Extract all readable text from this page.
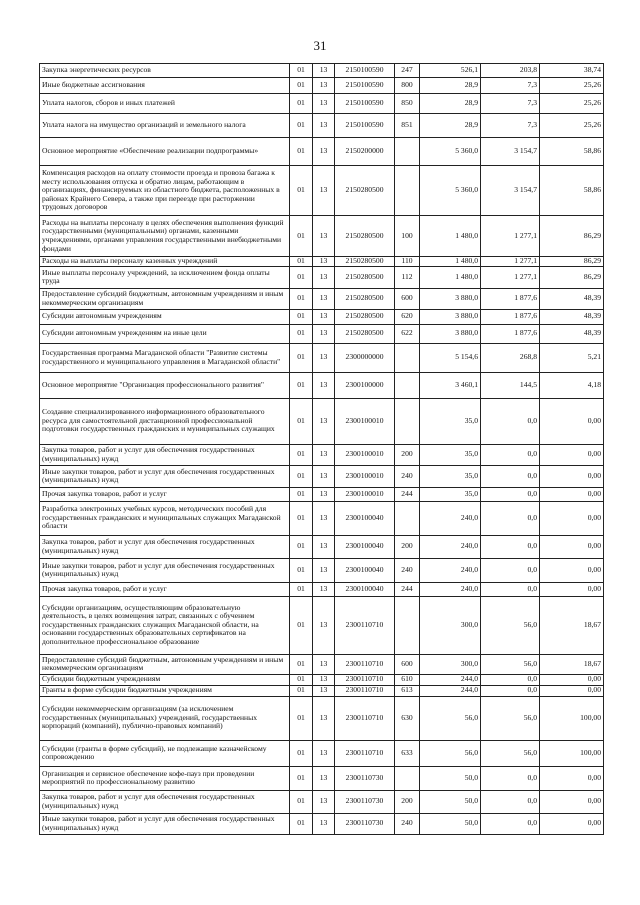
31
Закупка энергетических ресурсов	01	13	2150100590	247	526,1	203,8	38,74
Иные бюджетные ассигнования	01	13	2150100590	800	28,9	7,3	25,26
Уплата налогов, сборов и иных платежей	01	13	2150100590	850	28,9	7,3	25,26
Уплата налога на имущество организаций и земельного налога	01	13	2150100590	851	28,9	7,3	25,26
Основное мероприятие «Обеспечение реализации подпрограммы»	01	13	2150200000		5 360,0	3 154,7	58,86
Компенсация расходов на оплату стоимости проезда и провоза багажа к месту использования отпуска и обратно лицам, работающим в организациях, финансируемых из областного бюджета, расположенных в районах Крайнего Севера, а также при переезде при расторжении трудовых договоров	01	13	2150280500		5 360,0	3 154,7	58,86
Расходы на выплаты персоналу в целях обеспечения выполнения функций государственными (муниципальными) органами, казенными учреждениями, органами управления государственными внебюджетными фондами	01	13	2150280500	100	1 480,0	1 277,1	86,29
Расходы на выплаты персоналу казенных учреждений	01	13	2150280500	110	1 480,0	1 277,1	86,29
Иные выплаты персоналу учреждений, за исключением фонда оплаты труда	01	13	2150280500	112	1 480,0	1 277,1	86,29
Предоставление субсидий бюджетным, автономным учреждениям и иным некоммерческим организациям	01	13	2150280500	600	3 880,0	1 877,6	48,39
Субсидии автономным учреждениям	01	13	2150280500	620	3 880,0	1 877,6	48,39
Субсидии автономным учреждениям на иные цели	01	13	2150280500	622	3 880,0	1 877,6	48,39
Государственная программа Магаданской области "Развитие системы государственного и муниципального управления в Магаданской области"	01	13	2300000000		5 154,6	268,8	5,21
Основное мероприятие "Организация профессионального развития"	01	13	2300100000		3 460,1	144,5	4,18
Создание специализированного информационного образовательного ресурса для самостоятельной дистанционной профессиональной подготовки государственных гражданских и муниципальных служащих	01	13	2300100010		35,0	0,0	0,00
Закупка товаров, работ и услуг для обеспечения государственных (муниципальных) нужд	01	13	2300100010	200	35,0	0,0	0,00
Иные закупки товаров, работ и услуг для обеспечения государственных (муниципальных) нужд	01	13	2300100010	240	35,0	0,0	0,00
Прочая закупка товаров, работ и услуг	01	13	2300100010	244	35,0	0,0	0,00
Разработка электронных учебных курсов, методических пособий для государственных гражданских и муниципальных служащих Магаданской области	01	13	2300100040		240,0	0,0	0,00
Закупка товаров, работ и услуг для обеспечения государственных (муниципальных) нужд	01	13	2300100040	200	240,0	0,0	0,00
Иные закупки товаров, работ и услуг для обеспечения государственных (муниципальных) нужд	01	13	2300100040	240	240,0	0,0	0,00
Прочая закупка товаров, работ и услуг	01	13	2300100040	244	240,0	0,0	0,00
Субсидии организациям, осуществляющим образовательную деятельность, в целях возмещения затрат, связанных с обучением государственных гражданских служащих Магаданской области, на основании государственных образовательных сертификатов на дополнительное профессиональное образование	01	13	2300110710		300,0	56,0	18,67
Предоставление субсидий бюджетным, автономным учреждениям и иным некоммерческим организациям	01	13	2300110710	600	300,0	56,0	18,67
Субсидии бюджетным учреждениям	01	13	2300110710	610	244,0	0,0	0,00
Гранты в форме субсидии бюджетным учреждениям	01	13	2300110710	613	244,0	0,0	0,00
Субсидии некоммерческим организациям (за исключением государственных (муниципальных) учреждений, государственных корпораций (компаний), публично-правовых компаний)	01	13	2300110710	630	56,0	56,0	100,00
Субсидии (гранты в форме субсидий), не подлежащие казначейскому сопровождению	01	13	2300110710	633	56,0	56,0	100,00
Организация и сервисное обеспечение кофе-пауз при проведении мероприятий по профессиональному развитию	01	13	2300110730		50,0	0,0	0,00
Закупка товаров, работ и услуг для обеспечения государственных (муниципальных) нужд	01	13	2300110730	200	50,0	0,0	0,00
Иные закупки товаров, работ и услуг для обеспечения государственных (муниципальных) нужд	01	13	2300110730	240	50,0	0,0	0,00
